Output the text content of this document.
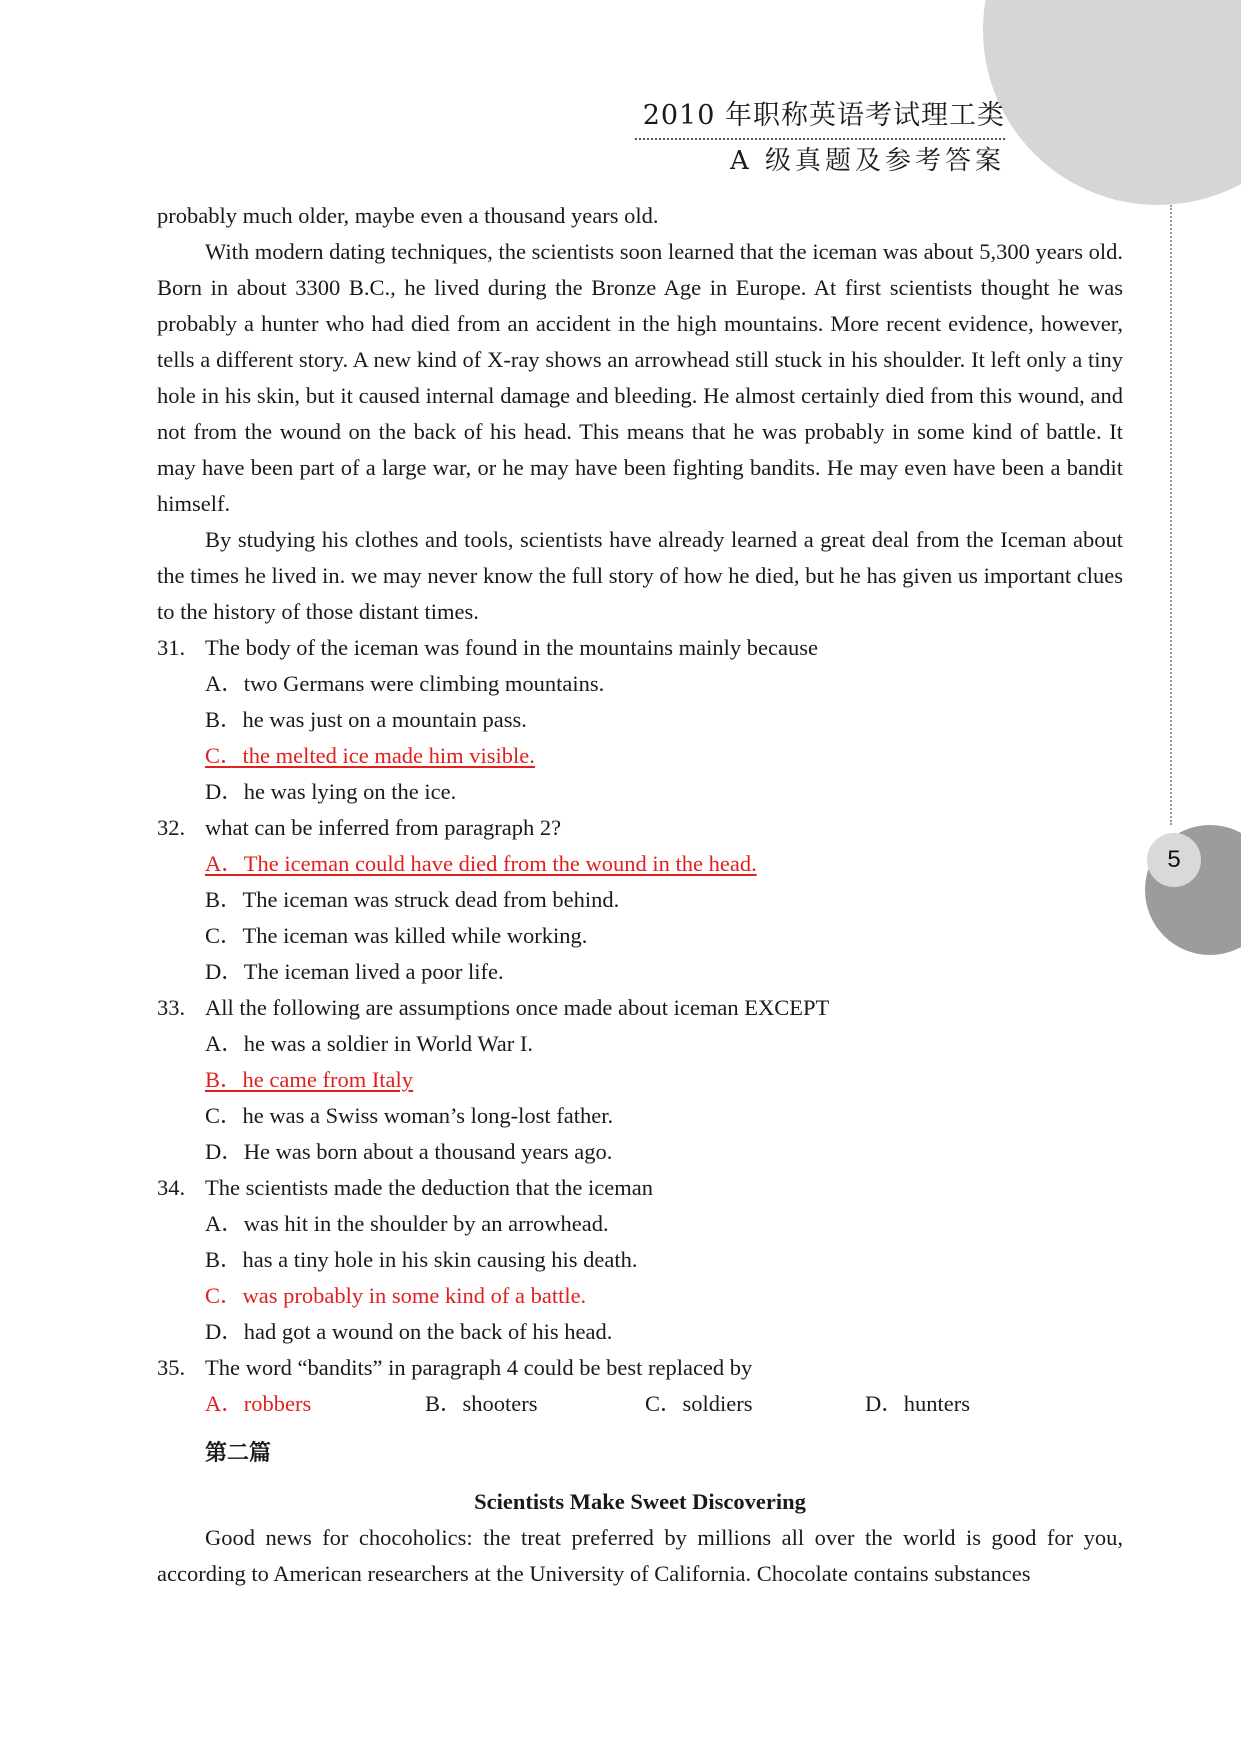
2010 年职称英语考试理工类
A 级真题及参考答案
5

probably much older, maybe even a thousand years old.

With modern dating techniques, the scientists soon learned that the iceman was about 5,300 years old. Born in about 3300 B.C., he lived during the Bronze Age in Europe. At first scientists thought he was probably a hunter who had died from an accident in the high mountains. More recent evidence, however, tells a different story. A new kind of X-ray shows an arrowhead still stuck in his shoulder. It left only a tiny hole in his skin, but it caused internal damage and bleeding. He almost certainly died from this wound, and not from the wound on the back of his head. This means that he was probably in some kind of battle. It may have been part of a large war, or he may have been fighting bandits. He may even have been a bandit himself.

By studying his clothes and tools, scientists have already learned a great deal from the Iceman about the times he lived in. we may never know the full story of how he died, but he has given us important clues to the history of those distant times.

31. The body of the iceman was found in the mountains mainly because

A．two Germans were climbing mountains.

B．he was just on a mountain pass.

C．the melted ice made him visible.

D．he was lying on the ice.

32. what can be inferred from paragraph 2?

A．The iceman could have died from the wound in the head.

B．The iceman was struck dead from behind.

C．The iceman was killed while working.

D．The iceman lived a poor life.

33. All the following are assumptions once made about iceman EXCEPT

A．he was a soldier in World War I.

B．he came from Italy

C．he was a Swiss woman’s long-lost father.

D．He was born about a thousand years ago.

34. The scientists made the deduction that the iceman

A．was hit in the shoulder by an arrowhead.

B．has a tiny hole in his skin causing his death.

C．was probably in some kind of a battle.

D．had got a wound on the back of his head.

35. The word “bandits” in paragraph 4 could be best replaced by

A．robbers	B．shooters	C．soldiers	D．hunters
第二篇

Scientists Make Sweet Discovering

Good news for chocoholics: the treat preferred by millions all over the world is good for you, according to American researchers at the University of California. Chocolate contains substances
